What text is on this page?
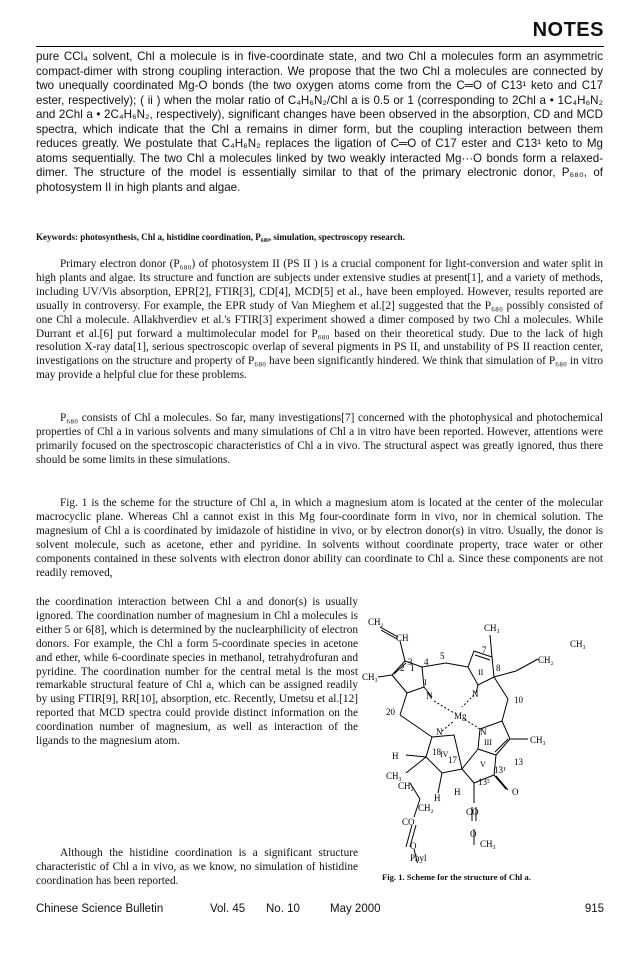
NOTES

pure CCl₄ solvent, Chl a molecule is in five-coordinate state, and two Chl a molecules form an asymmetric compact-dimer with strong coupling interaction. We propose that the two Chl a molecules are connected by two unequally coordinated Mg-O bonds (the two oxygen atoms come from the C═O of C13¹ keto and C17 ester, respectively); ( ii ) when the molar ratio of C₄H₆N₂/Chl a is 0.5 or 1 (corresponding to 2Chl a • 1C₄H₆N₂ and 2Chl a • 2C₄H₆N₂, respectively), significant changes have been observed in the absorption, CD and MCD spectra, which indicate that the Chl a remains in dimer form, but the coupling interaction between them reduces greatly. We postulate that C₄H₆N₂ replaces the ligation of C═O of C17 ester and C13¹ keto to Mg atoms sequentially. The two Chl a molecules linked by two weakly interacted Mg···O bonds form a relaxed-dimer. The structure of the model is essentially similar to that of the primary electronic donor, P₆₈₀, of photosystem II in high plants and algae.

Keywords: photosynthesis, Chl a, histidine coordination, P₆₈₀, simulation, spectroscopy research.

Primary electron donor (P₆₈₀) of photosystem II (PS II ) is a crucial component for light-conversion and water split in high plants and algae. Its structure and function are subjects under extensive studies at present[1], and a variety of methods, including UV/Vis absorption, EPR[2], FTIR[3], CD[4], MCD[5] et al., have been employed. However, results reported are usually in controversy. For example, the EPR study of Van Mieghem et al.[2] suggested that the P₆₈₀ possibly consisted of one Chl a molecule. Allakhverdiev et al.'s FTIR[3] experiment showed a dimer composed by two Chl a molecules. While Durrant et al.[6] put forward a multimolecular model for P₆₈₀ based on their theoretical study. Due to the lack of high resolution X-ray data[1], serious spectroscopic overlap of several pigments in PS II, and unstability of PS II reaction center, investigations on the structure and property of P₆₈₀ have been significantly hindered. We think that simulation of P₆₈₀ in vitro may provide a helpful clue for these problems.

P₆₈₀ consists of Chl a molecules. So far, many investigations[7] concerned with the photophysical and photochemical properties of Chl a in various solvents and many simulations of Chl a in vitro have been reported. However, attentions were primarily focused on the spectroscopic characteristics of Chl a in vivo. The structural aspect was greatly ignored, thus there should be some limits in these simulations.

Fig. 1 is the scheme for the structure of Chl a, in which a magnesium atom is located at the center of the molecular macrocyclic plane. Whereas Chl a cannot exist in this Mg four-coordinate form in vivo, nor in chemical solution. The magnesium of Chl a is coordinated by imidazole of histidine in vivo, or by electron donor(s) in vitro. Usually, the donor is solvent molecule, such as acetone, ether and pyridine. In solvents without coordinate property, trace water or other components contained in these solvents with electron donor ability can coordinate to Chl a. Since these components are not readily removed,

the coordination interaction between Chl a and donor(s) is usually ignored. The coordination number of magnesium in Chl a molecules is either 5 or 6[8], which is determined by the nuclearphilicity of electron donors. For example, the Chl a form 5-coordinate species in acetone and ether, while 6-coordinate species in methanol, tetrahydrofuran and pyridine. The coordination number for the central metal is the most remarkable structural feature of Chl a, which can be assigned readily by using FTIR[9], RR[10], absorption, etc. Recently, Umetsu et al.[12] reported that MCD spectra could provide distinct information on the coordination number of magnesium, as well as interaction of the ligands to the magnesium atom.

Although the histidine coordination is a significant structure characteristic of Chl a in vivo, as we know, no simulation of histidine coordination has been reported.

CH₂
CH
CH₃
CH₃
CH₂
CH₃
CH₃
5
7
10
20
13
13²
13¹
17
18
2 1
4
3
8
I
II
III
IV
V
N	N
N
N
Mg
H
CH₃
CH₂
H
CH₂
CO
O
Phyl
H	O
CO
O
CH₃
Fig. 1. Scheme for the structure of Chl a.
Chinese Science Bulletin	Vol. 45 No. 10	May 2000	915
